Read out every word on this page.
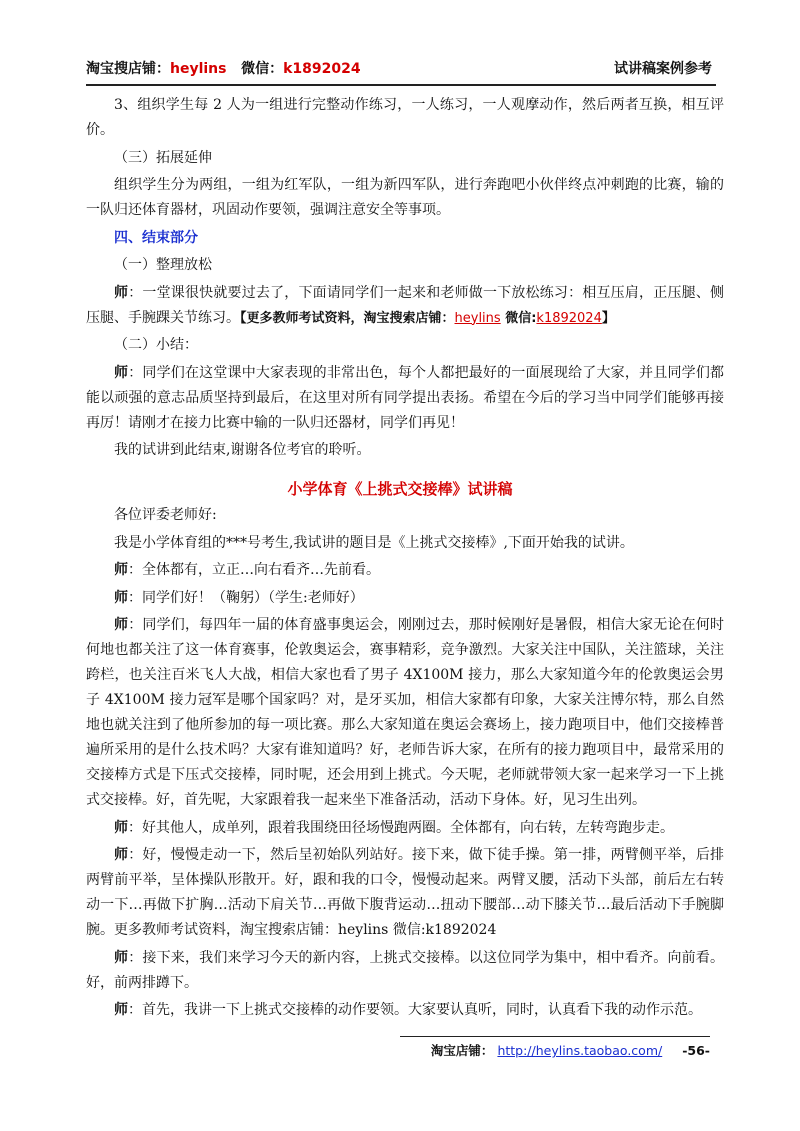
淘宝搜店铺：heylins 微信：k1892024	试讲稿案例参考

3、组织学生每 2 人为一组进行完整动作练习，一人练习，一人观摩动作，然后两者互换，相互评价。

（三）拓展延伸

组织学生分为两组，一组为红军队，一组为新四军队，进行奔跑吧小伙伴终点冲刺跑的比赛，输的一队归还体育器材，巩固动作要领，强调注意安全等事项。

四、结束部分

（一）整理放松

师：一堂课很快就要过去了，下面请同学们一起来和老师做一下放松练习：相互压肩，正压腿、侧压腿、手腕踝关节练习。【更多教师考试资料，淘宝搜索店铺：heylins 微信:k1892024】

（二）小结：

师：同学们在这堂课中大家表现的非常出色，每个人都把最好的一面展现给了大家，并且同学们都能以顽强的意志品质坚持到最后，在这里对所有同学提出表扬。希望在今后的学习当中同学们能够再接再厉！请刚才在接力比赛中输的一队归还器材，同学们再见！

我的试讲到此结束,谢谢各位考官的聆听。

小学体育《上挑式交接棒》试讲稿

各位评委老师好:

我是小学体育组的***号考生,我试讲的题目是《上挑式交接棒》,下面开始我的试讲。

师：全体都有，立正…向右看齐…先前看。

师：同学们好！（鞠躬）（学生:老师好）

师：同学们，每四年一届的体育盛事奥运会，刚刚过去，那时候刚好是暑假，相信大家无论在何时何地也都关注了这一体育赛事，伦敦奥运会，赛事精彩，竞争激烈。大家关注中国队，关注篮球，关注跨栏，也关注百米飞人大战，相信大家也看了男子 4X100M 接力，那么大家知道今年的伦敦奥运会男子 4X100M 接力冠军是哪个国家吗？对，是牙买加，相信大家都有印象，大家关注博尔特，那么自然地也就关注到了他所参加的每一项比赛。那么大家知道在奥运会赛场上，接力跑项目中，他们交接棒普遍所采用的是什么技术吗？大家有谁知道吗？好，老师告诉大家，在所有的接力跑项目中，最常采用的交接棒方式是下压式交接棒，同时呢，还会用到上挑式。今天呢，老师就带领大家一起来学习一下上挑式交接棒。好，首先呢，大家跟着我一起来坐下准备活动，活动下身体。好，见习生出列。

师：好其他人，成单列，跟着我围绕田径场慢跑两圈。全体都有，向右转，左转弯跑步走。

师：好，慢慢走动一下，然后呈初始队列站好。接下来，做下徒手操。第一排，两臂侧平举，后排两臂前平举，呈体操队形散开。好，跟和我的口令，慢慢动起来。两臂叉腰，活动下头部，前后左右转动一下…再做下扩胸…活动下肩关节…再做下腹背运动…扭动下腰部…动下膝关节…最后活动下手腕脚腕。更多教师考试资料，淘宝搜索店铺：heylins 微信:k1892024

师：接下来，我们来学习今天的新内容，上挑式交接棒。以这位同学为集中，相中看齐。向前看。好，前两排蹲下。

师：首先，我讲一下上挑式交接棒的动作要领。大家要认真听，同时，认真看下我的动作示范。

淘宝店铺： http://heylins.taobao.com/ -56-
